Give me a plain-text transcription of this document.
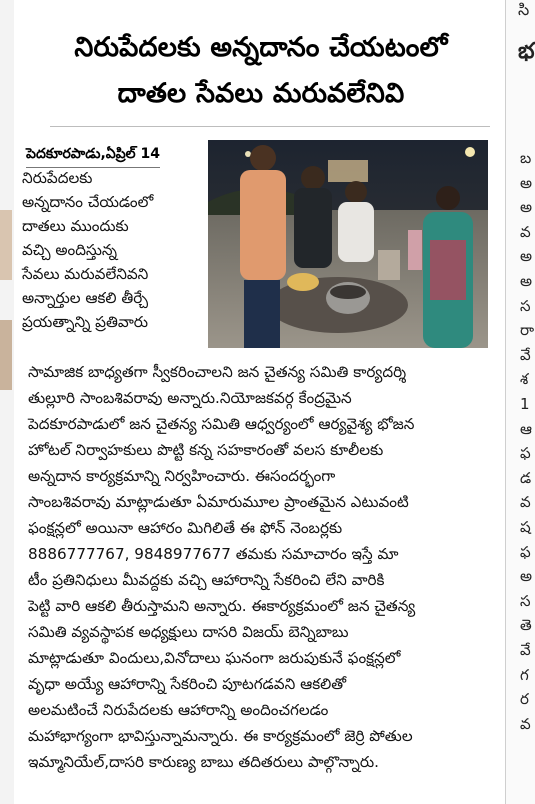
సి
భ
బ
అ
అ
వ
అ
అ
స
రా
వే
శ
1
ఆ
ఫ
డ
వ
ష
ఫ
అ
స
తె
వే
గ
ర
వ
నిరుపేదలకు అన్నదానం చేయటంలో
దాతల సేవలు మరువలేనివి
పెదకూరపాడు,ఏప్రిల్ 14
నిరుపేదలకు
అన్నదానం చేయడంలో
దాతలు ముందుకు
వచ్చి అందిస్తున్న
సేవలు మరువలేనివని
అన్నార్తుల ఆకలి తీర్చే
ప్రయత్నాన్ని ప్రతివారు
సామాజిక బాధ్యతగా స్వీకరించాలని జన చైతన్య సమితి కార్యదర్శి
తుల్లూరి సాంబశివరావు అన్నారు.నియోజకవర్గ కేంద్రమైన
పెదకూరపాడులో జన చైతన్య సమితి ఆధ్వర్యంలో ఆర్యవైశ్య భోజన
హోటల్ నిర్వాహకులు పొట్టి కన్న సహకారంతో వలస కూలీలకు
అన్నదాన కార్యక్రమాన్ని నిర్వహించారు. ఈసందర్భంగా
సాంబశివరావు మాట్లాడుతూ ఏమారుమూల ప్రాంతమైన ఎటువంటి
ఫంక్షన్లలో అయినా ఆహారం మిగిలితే ఈ ఫోన్ నెంబర్లకు
8886777767, 9848977677 తమకు సమాచారం ఇస్తే మా
టీం ప్రతినిధులు మీవద్దకు వచ్చి ఆహారాన్ని సేకరించి లేని వారికి
పెట్టి వారి ఆకలి తీరుస్తామని అన్నారు. ఈకార్యక్రమంలో జన చైతన్య
సమితి వ్యవస్థాపక అధ్యక్షులు దాసరి విజయ్ బెన్నిబాబు
మాట్లాడుతూ విందులు,వినోదాలు ఘనంగా జరుపుకునే ఫంక్షన్లలో
వృధా అయ్యే ఆహారాన్ని సేకరించి పూటగడవని ఆకలితో
అలమటించే నిరుపేదలకు ఆహారాన్ని అందించగలడం
మహాభాగ్యంగా భావిస్తున్నామన్నారు. ఈ కార్యక్రమంలో జెర్రి పోతుల
ఇమ్మానియేల్,దాసరి కారుణ్య బాబు తదితరులు పాల్గొన్నారు.
